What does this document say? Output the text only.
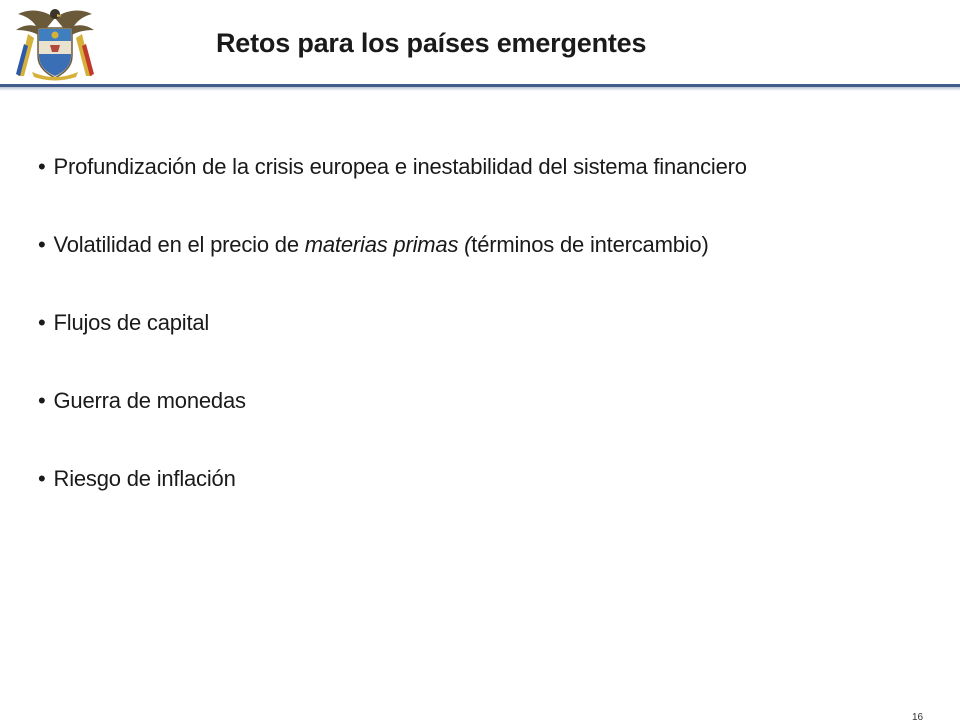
Retos para los países emergentes
• Profundización de la crisis europea e inestabilidad del sistema financiero
• Volatilidad en el precio de materias primas (términos de intercambio)
• Flujos de capital
• Guerra de monedas
• Riesgo de inflación
16
